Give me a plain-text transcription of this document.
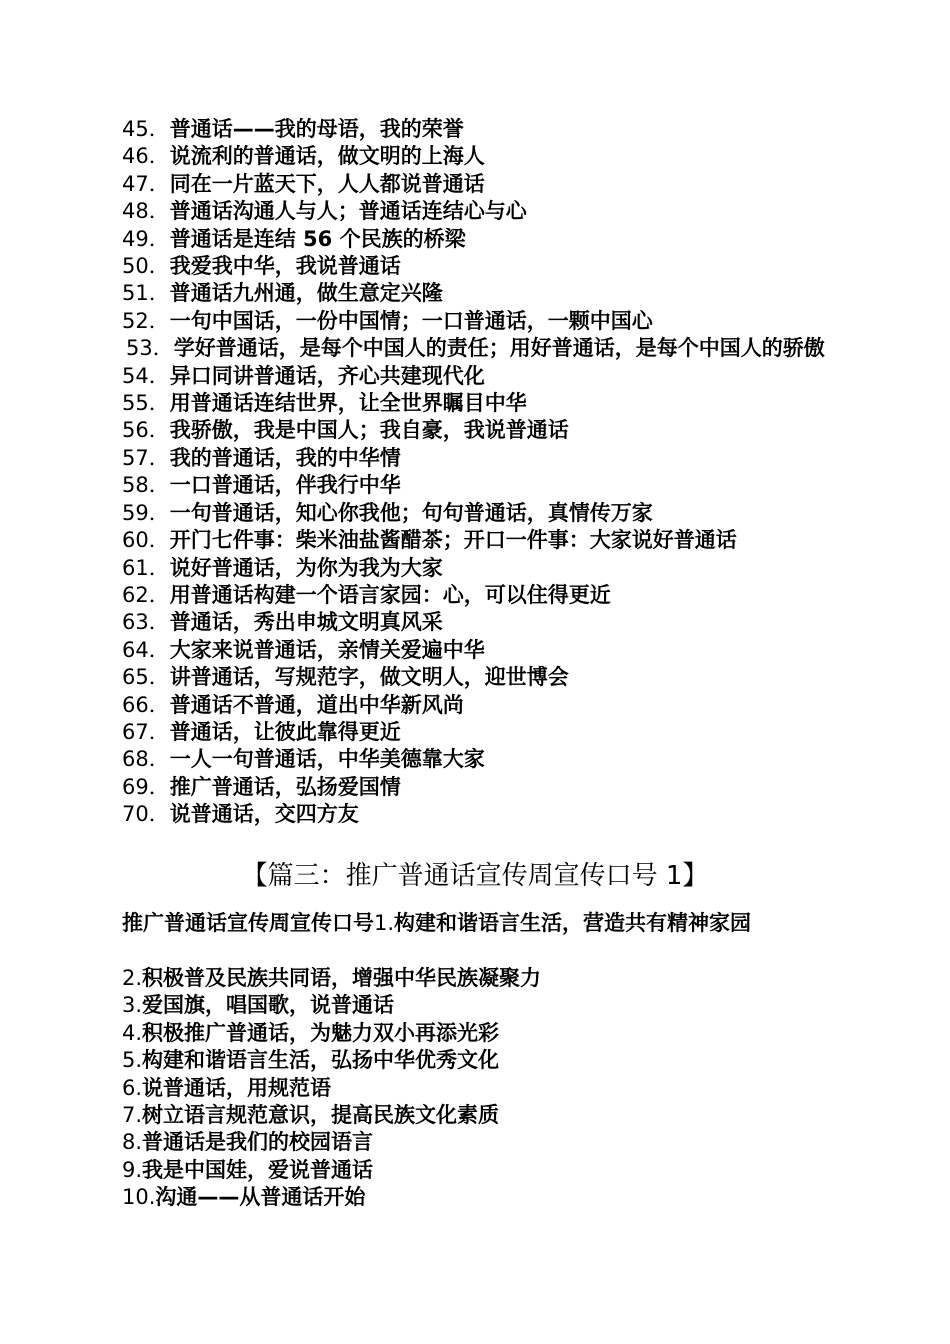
45．普通话——我的母语，我的荣誉
46．说流利的普通话，做文明的上海人
47．同在一片蓝天下，人人都说普通话
48．普通话沟通人与人；普通话连结心与心
49．普通话是连结 56 个民族的桥梁
50．我爱我中华，我说普通话
51．普通话九州通，做生意定兴隆
52．一句中国话，一份中国情；一口普通话，一颗中国心
53．学好普通话，是每个中国人的责任；用好普通话，是每个中国人的骄傲
54．异口同讲普通话，齐心共建现代化
55．用普通话连结世界，让全世界瞩目中华
56．我骄傲，我是中国人；我自豪，我说普通话
57．我的普通话，我的中华情
58．一口普通话，伴我行中华
59．一句普通话，知心你我他；句句普通话，真情传万家
60．开门七件事：柴米油盐酱醋茶；开口一件事：大家说好普通话
61．说好普通话，为你为我为大家
62．用普通话构建一个语言家园：心，可以住得更近
63．普通话，秀出申城文明真风采
64．大家来说普通话，亲情关爱遍中华
65．讲普通话，写规范字，做文明人，迎世博会
66．普通话不普通，道出中华新风尚
67．普通话，让彼此靠得更近
68．一人一句普通话，中华美德靠大家
69．推广普通话，弘扬爱国情
70．说普通话，交四方友
【篇三：推广普通话宣传周宣传口号 1】

推广普通话宣传周宣传口号1.构建和谐语言生活，营造共有精神家园

2.积极普及民族共同语，增强中华民族凝聚力
3.爱国旗，唱国歌，说普通话
4.积极推广普通话，为魅力双小再添光彩
5.构建和谐语言生活，弘扬中华优秀文化
6.说普通话，用规范语
7.树立语言规范意识，提高民族文化素质
8.普通话是我们的校园语言
9.我是中国娃，爱说普通话
10.沟通——从普通话开始
